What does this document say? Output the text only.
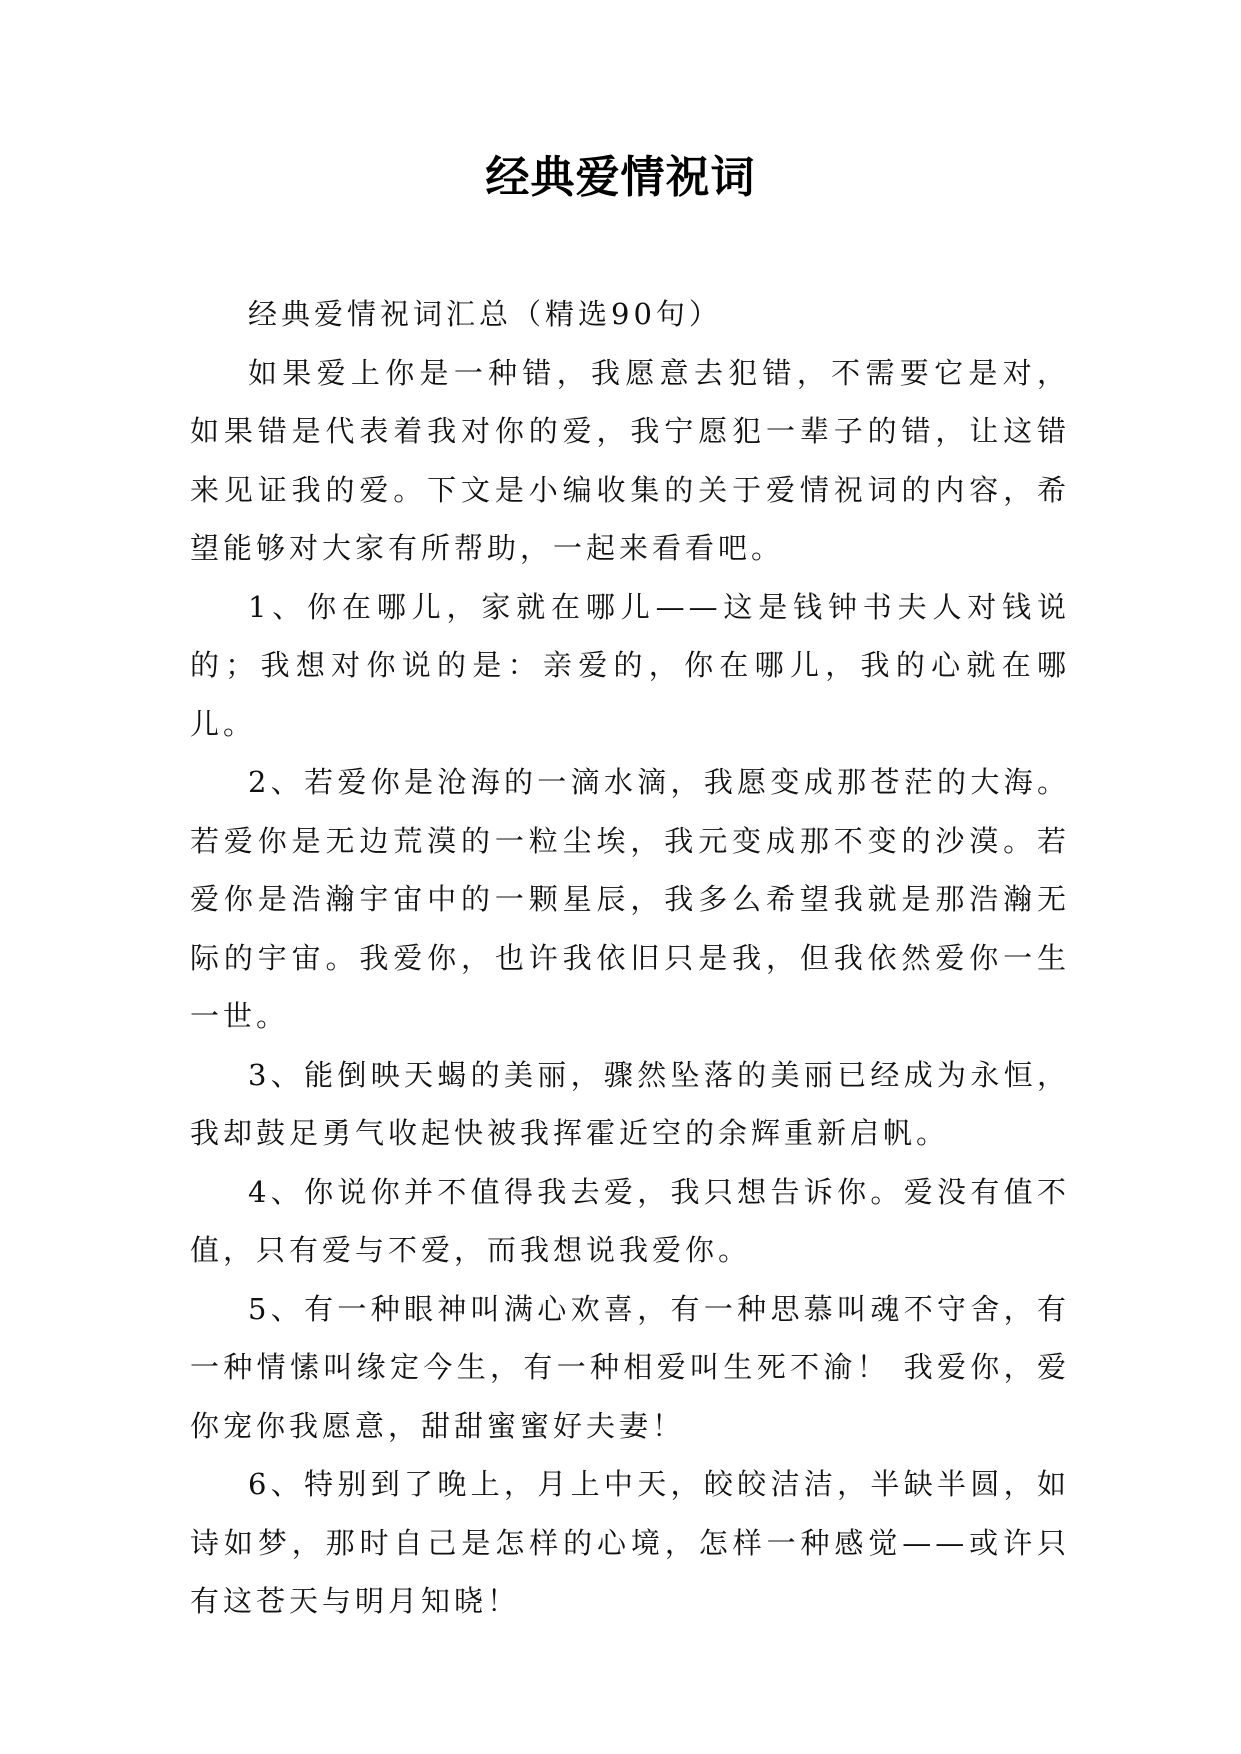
经典爱情祝词

经典爱情祝词汇总（精选90句）

如果爱上你是一种错，我愿意去犯错，不需要它是对，如果错是代表着我对你的爱，我宁愿犯一辈子的错，让这错来见证我的爱。下文是小编收集的关于爱情祝词的内容，希望能够对大家有所帮助，一起来看看吧。

1、你在哪儿，家就在哪儿——这是钱钟书夫人对钱说的；我想对你说的是：亲爱的，你在哪儿，我的心就在哪儿。

2、若爱你是沧海的一滴水滴，我愿变成那苍茫的大海。若爱你是无边荒漠的一粒尘埃，我元变成那不变的沙漠。若爱你是浩瀚宇宙中的一颗星辰，我多么希望我就是那浩瀚无际的宇宙。我爱你，也许我依旧只是我，但我依然爱你一生一世。

3、能倒映天蝎的美丽，骤然坠落的美丽已经成为永恒，我却鼓足勇气收起快被我挥霍近空的余辉重新启帆。

4、你说你并不值得我去爱，我只想告诉你。爱没有值不值，只有爱与不爱，而我想说我爱你。

5、有一种眼神叫满心欢喜，有一种思慕叫魂不守舍，有一种情愫叫缘定今生，有一种相爱叫生死不渝！ 我爱你，爱你宠你我愿意，甜甜蜜蜜好夫妻！

6、特别到了晚上，月上中天，皎皎洁洁，半缺半圆，如诗如梦，那时自己是怎样的心境，怎样一种感觉——或许只有这苍天与明月知晓！
